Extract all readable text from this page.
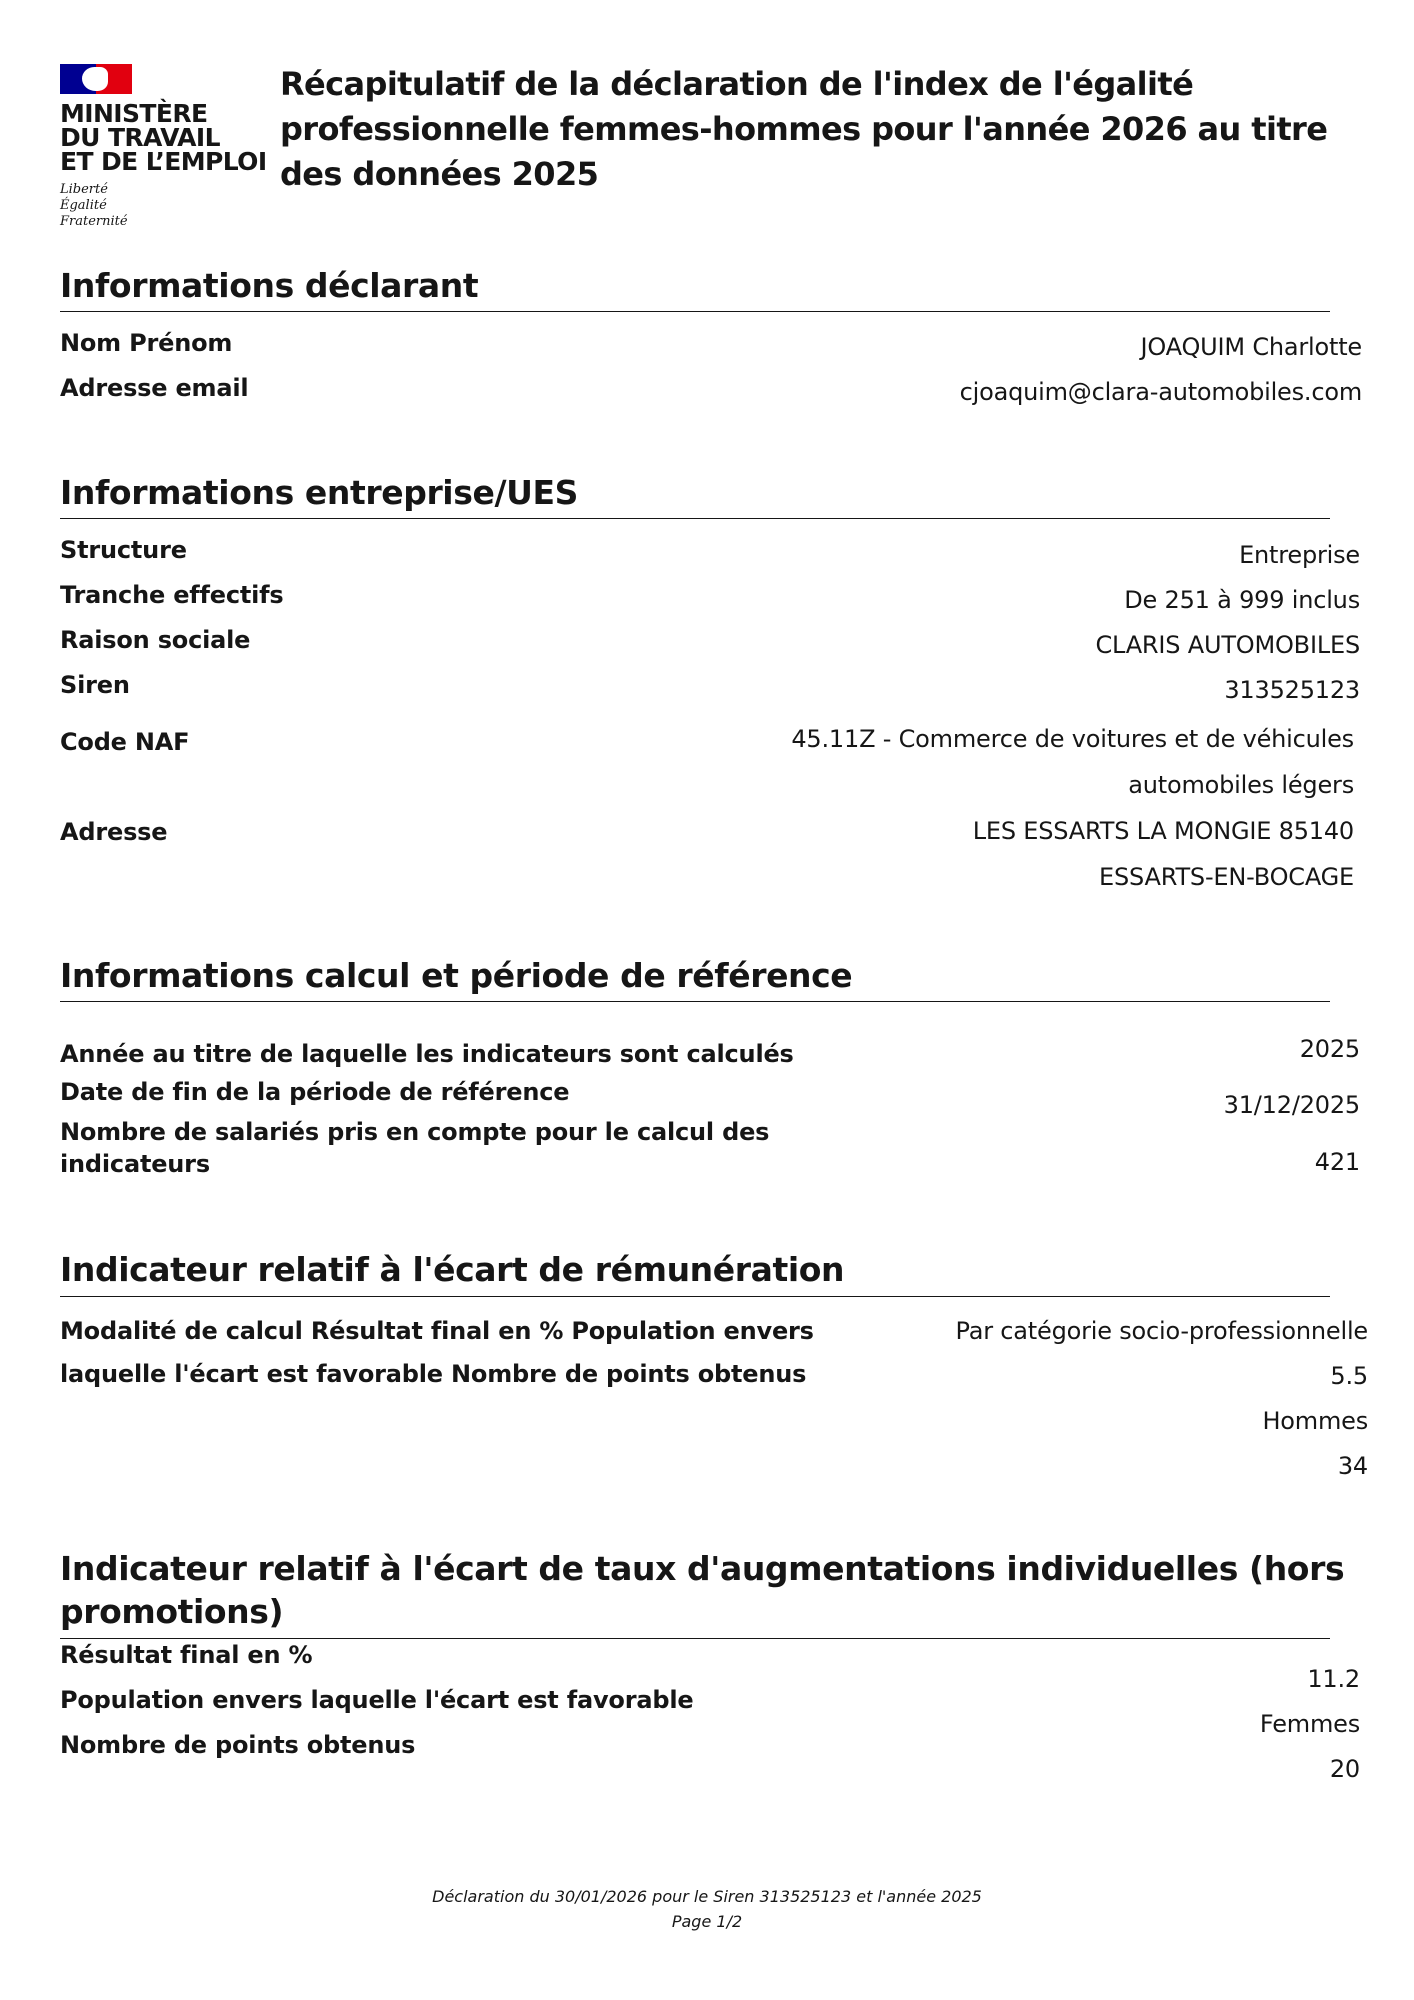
MINISTÈRE
DU TRAVAIL
ET DE L’EMPLOI
Liberté
Égalité
Fraternité
Récapitulatif de la déclaration de l'index de l'égalité professionnelle femmes-hommes pour l'année 2026 au titre des données 2025
Informations déclarant
Nom Prénom
Adresse email
JOAQUIM Charlotte
cjoaquim@clara-automobiles.com
Informations entreprise/UES
Structure
Tranche effectifs
Raison sociale
Siren
Code NAF
Adresse
Entreprise
De 251 à 999 inclus
CLARIS AUTOMOBILES
313525123
45.11Z - Commerce de voitures et de véhicules
automobiles légers
LES ESSARTS LA MONGIE 85140
ESSARTS-EN-BOCAGE
Informations calcul et période de référence
Année au titre de laquelle les indicateurs sont calculés
Date de fin de la période de référence
Nombre de salariés pris en compte pour le calcul des
indicateurs
2025
31/12/2025
421
Indicateur relatif à l'écart de rémunération
Modalité de calcul Résultat final en % Population envers
laquelle l'écart est favorable Nombre de points obtenus
Par catégorie socio-professionnelle
5.5
Hommes
34
Indicateur relatif à l'écart de taux d'augmentations individuelles (hors
promotions)
Résultat final en %
Population envers laquelle l'écart est favorable
Nombre de points obtenus
11.2
Femmes
20
Déclaration du 30/01/2026 pour le Siren 313525123 et l'année 2025
Page 1/2
